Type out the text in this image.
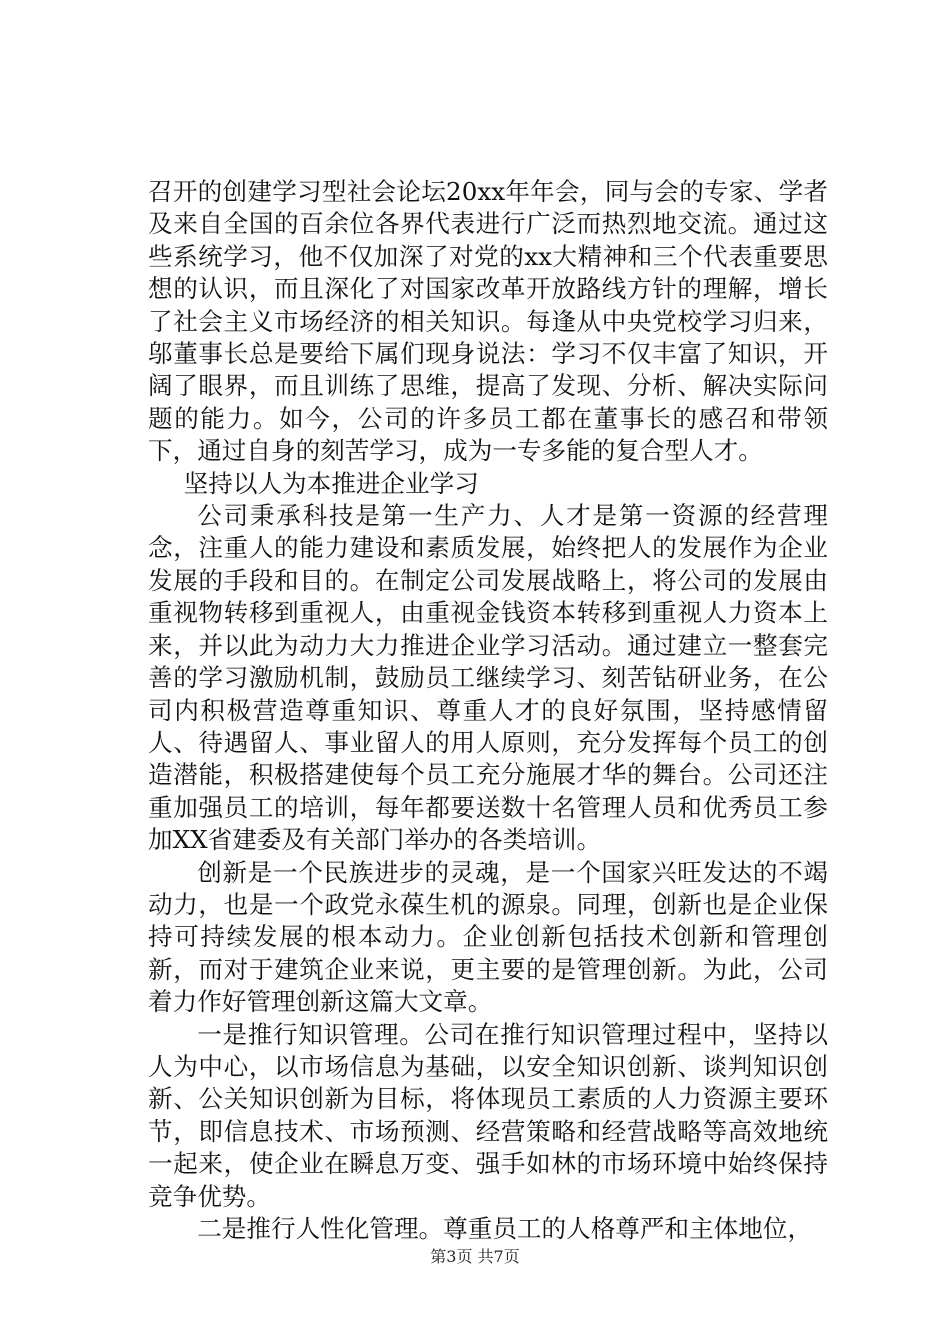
召开的创建学习型社会论坛20xx年年会，同与会的专家、学者及来自全国的百余位各界代表进行广泛而热烈地交流。通过这些系统学习，他不仅加深了对党的xx大精神和三个代表重要思想的认识，而且深化了对国家改革开放路线方针的理解，增长了社会主义市场经济的相关知识。每逢从中央党校学习归来，邬董事长总是要给下属们现身说法：学习不仅丰富了知识，开阔了眼界，而且训练了思维，提高了发现、分析、解决实际问题的能力。如今，公司的许多员工都在董事长的感召和带领下，通过自身的刻苦学习，成为一专多能的复合型人才。

坚持以人为本推进企业学习

公司秉承科技是第一生产力、人才是第一资源的经营理念，注重人的能力建设和素质发展，始终把人的发展作为企业发展的手段和目的。在制定公司发展战略上，将公司的发展由重视物转移到重视人，由重视金钱资本转移到重视人力资本上来，并以此为动力大力推进企业学习活动。通过建立一整套完善的学习激励机制，鼓励员工继续学习、刻苦钻研业务，在公司内积极营造尊重知识、尊重人才的良好氛围，坚持感情留人、待遇留人、事业留人的用人原则，充分发挥每个员工的创造潜能，积极搭建使每个员工充分施展才华的舞台。公司还注重加强员工的培训，每年都要送数十名管理人员和优秀员工参加XX省建委及有关部门举办的各类培训。

创新是一个民族进步的灵魂，是一个国家兴旺发达的不竭动力，也是一个政党永葆生机的源泉。同理，创新也是企业保持可持续发展的根本动力。企业创新包括技术创新和管理创新，而对于建筑企业来说，更主要的是管理创新。为此，公司着力作好管理创新这篇大文章。

一是推行知识管理。公司在推行知识管理过程中，坚持以人为中心，以市场信息为基础，以安全知识创新、谈判知识创新、公关知识创新为目标，将体现员工素质的人力资源主要环节，即信息技术、市场预测、经营策略和经营战略等高效地统一起来，使企业在瞬息万变、强手如林的市场环境中始终保持竞争优势。

二是推行人性化管理。尊重员工的人格尊严和主体地位，

第3页 共7页
